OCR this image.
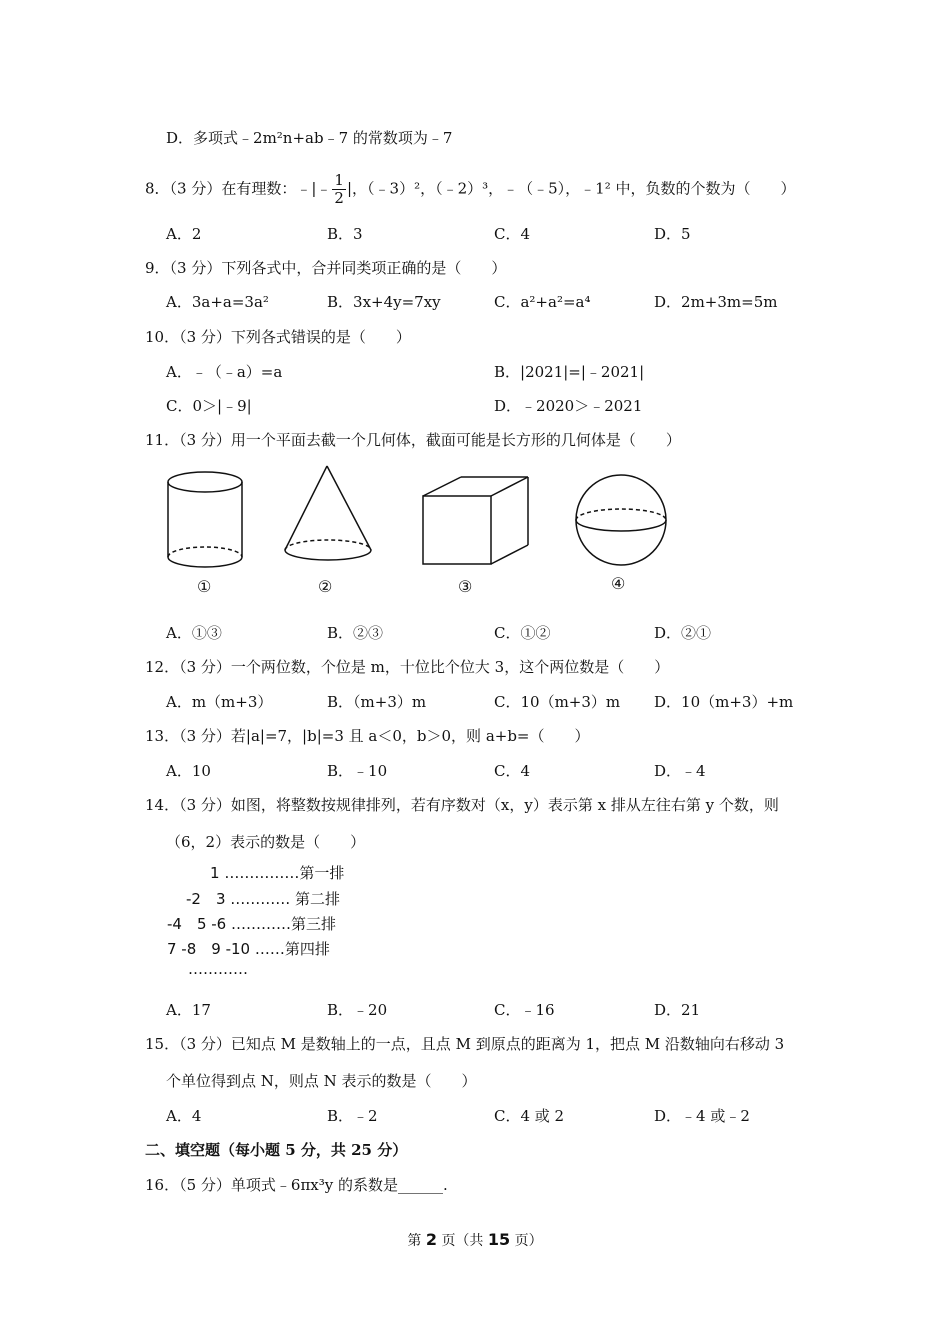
D．多项式﹣2m²n+ab﹣7 的常数项为﹣7
8．（3 分）在有理数：﹣|﹣ $\frac{1}{2}$ |，（﹣3）²，（﹣2）³，﹣（﹣5），﹣1² 中，负数的个数为（　　）
A．2	B．3	C．4	D．5
9．（3 分）下列各式中，合并同类项正确的是（　　）
A．3a+a=3a²	B．3x+4y=7xy	C．a²+a²=a⁴	D．2m+3m=5m
10．（3 分）下列各式错误的是（　　）
A．﹣（﹣a）=a	B．|2021|=|﹣2021|
C．0＞|﹣9|	D．﹣2020＞﹣2021
11．（3 分）用一个平面去截一个几何体，截面可能是长方形的几何体是（　　）
①	②	③	④
A．①③	B．②③	C．①②	D．②①
12．（3 分）一个两位数，个位是 m，十位比个位大 3，这个两位数是（　　）
A．m（m+3）	B．（m+3）m	C．10（m+3）m D．10（m+3）+m
13．（3 分）若|a|=7，|b|=3 且 a＜0，b＞0，则 a+b=（　　）
A．10	B．﹣10	C．4	D．﹣4
14．（3 分）如图，将整数按规律排列，若有序数对（x，y）表示第 x 排从左往右第 y 个数，则
（6，2）表示的数是（　　）
1 ……………第一排
-2　3 ………… 第二排
-4　5 -6 …………第三排
7 -8　9 -10 ……第四排
…………
A．17	B．﹣20	C．﹣16	D．21
15．（3 分）已知点 M 是数轴上的一点，且点 M 到原点的距离为 1，把点 M 沿数轴向右移动 3
个单位得到点 N，则点 N 表示的数是（　　）
A．4	B．﹣2	C．4 或 2	D．﹣4 或﹣2
二、填空题（每小题 5 分，共 25 分）
16．（5 分）单项式﹣6πx³y 的系数是______.
第 2 页（共 15 页）
